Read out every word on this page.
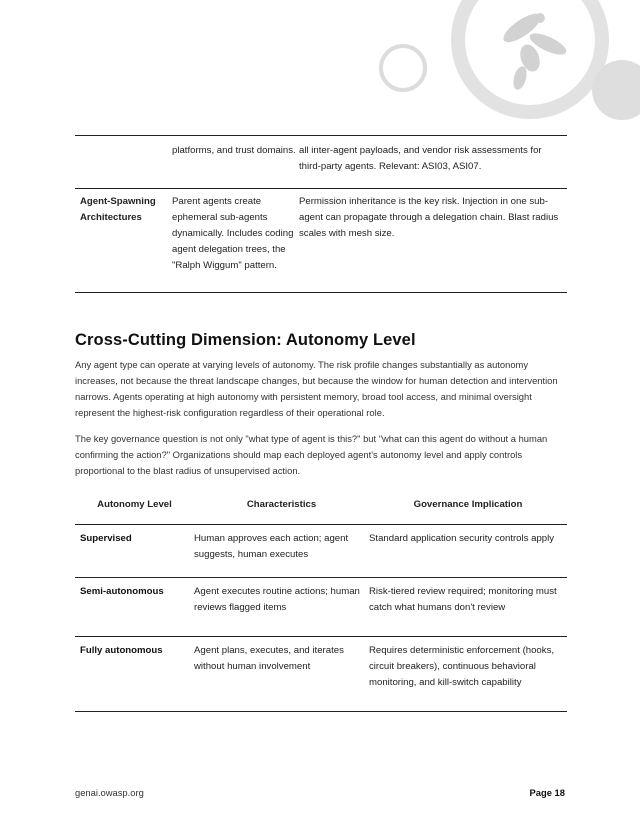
	platforms, and trust domains.	all inter-agent payloads, and vendor risk assessments for third-party agents. Relevant: ASI03, ASI07.
Agent-Spawning Architectures	Parent agents create ephemeral sub-agents dynamically. Includes coding agent delegation trees, the "Ralph Wiggum" pattern.	Permission inheritance is the key risk. Injection in one sub-agent can propagate through a delegation chain. Blast radius scales with mesh size.
Cross-Cutting Dimension: Autonomy Level

Any agent type can operate at varying levels of autonomy. The risk profile changes substantially as autonomy increases, not because the threat landscape changes, but because the window for human detection and intervention narrows. Agents operating at high autonomy with persistent memory, broad tool access, and minimal oversight represent the highest-risk configuration regardless of their operational role.

The key governance question is not only "what type of agent is this?" but "what can this agent do without a human confirming the action?" Organizations should map each deployed agent's autonomy level and apply controls proportional to the blast radius of unsupervised action.

Autonomy Level	Characteristics	Governance Implication
Supervised	Human approves each action; agent suggests, human executes	Standard application security controls apply
Semi-autonomous	Agent executes routine actions; human reviews flagged items	Risk-tiered review required; monitoring must catch what humans don't review
Fully autonomous	Agent plans, executes, and iterates without human involvement	Requires deterministic enforcement (hooks, circuit breakers), continuous behavioral monitoring, and kill-switch capability
genai.owasp.org	Page 18
